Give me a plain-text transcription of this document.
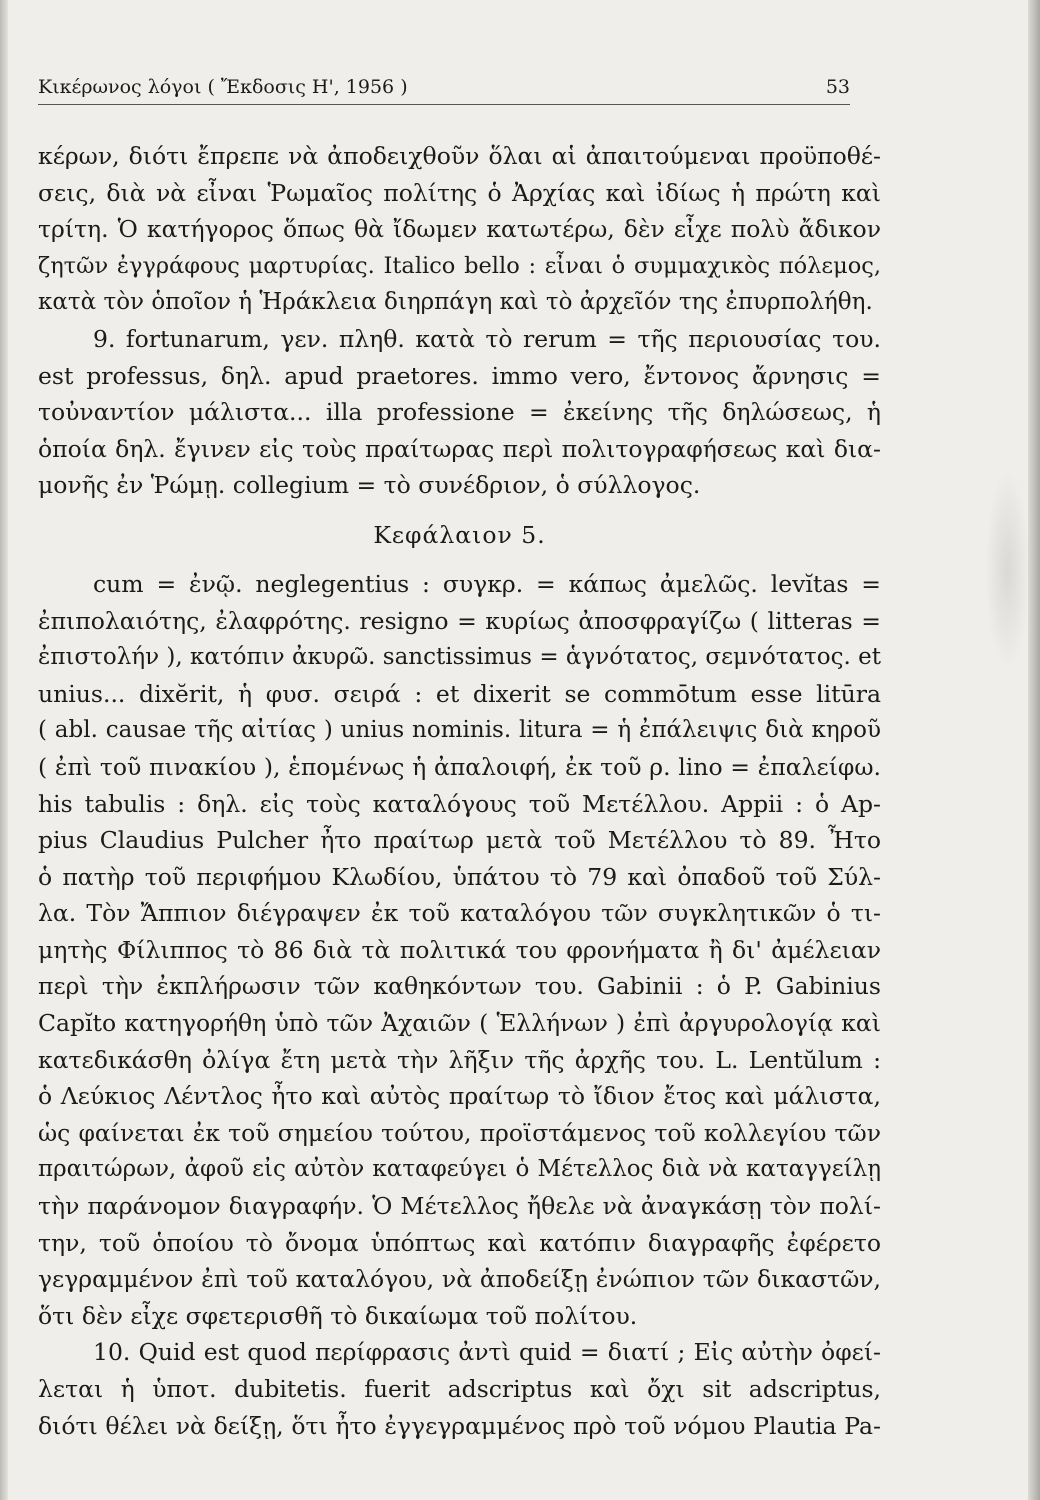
Κικέρωνος λόγοι ( Ἔκδοσις Η', 1956 )	53
κέρων, διότι ἔπρεπε νὰ ἀποδειχθοῦν ὅλαι αἱ ἀπαιτούμεναι προϋποθέ-
σεις, διὰ νὰ εἶναι Ῥωμαῖος πολίτης ὁ Ἀρχίας καὶ ἰδίως ἡ πρώτη καὶ
τρίτη. Ὁ κατήγορος ὅπως θὰ ἴδωμεν κατωτέρω, δὲν εἶχε πολὺ ἄδικον
ζητῶν ἐγγράφους μαρτυρίας. Italico bello : εἶναι ὁ συμμαχικὸς πόλεμος,
κατὰ τὸν ὁποῖον ἡ Ἡράκλεια διηρπάγη καὶ τὸ ἀρχεῖόν της ἐπυρπολήθη.
9. fortunarum, γεν. πληθ. κατὰ τὸ rerum = τῆς περιουσίας του.
est professus, δηλ. apud praetores. immo vero, ἔντονος ἄρνησις =
τοὐναντίον μάλιστα... illa professione = ἐκείνης τῆς δηλώσεως, ἡ
ὁποία δηλ. ἔγινεν εἰς τοὺς πραίτωρας περὶ πολιτογραφήσεως καὶ δια-
μονῆς ἐν Ῥώμῃ. collegium = τὸ συνέδριον, ὁ σύλλογος.
Κεφάλαιον 5.
cum = ἐνῷ. neglegentius : συγκρ. = κάπως ἀμελῶς. levĭtas =
ἐπιπολαιότης, ἐλαφρότης. resigno = κυρίως ἀποσφραγίζω ( litteras =
ἐπιστολήν ), κατόπιν ἀκυρῶ. sanctissimus = ἁγνότατος, σεμνότατος. et
unius... dixĕrit, ἡ φυσ. σειρά : et dixerit se commōtum esse litūra
( abl. causae τῆς αἰτίας ) unius nominis. litura = ἡ ἐπάλειψις διὰ κηροῦ
( ἐπὶ τοῦ πινακίου ), ἑπομένως ἡ ἀπαλοιφή, ἐκ τοῦ ρ. lino = ἐπαλείφω.
his tabulis : δηλ. εἰς τοὺς καταλόγους τοῦ Μετέλλου. Appii : ὁ Ap-
pius Claudius Pulcher ἦτο πραίτωρ μετὰ τοῦ Μετέλλου τὸ 89. Ἦτο
ὁ πατὴρ τοῦ περιφήμου Κλωδίου, ὑπάτου τὸ 79 καὶ ὀπαδοῦ τοῦ Σύλ-
λα. Τὸν Ἄππιον διέγραψεν ἐκ τοῦ καταλόγου τῶν συγκλητικῶν ὁ τι-
μητὴς Φίλιππος τὸ 86 διὰ τὰ πολιτικά του φρονήματα ἢ δι' ἀμέλειαν
περὶ τὴν ἐκπλήρωσιν τῶν καθηκόντων του. Gabinii : ὁ P. Gabinius
Capĭto κατηγορήθη ὑπὸ τῶν Ἀχαιῶν ( Ἑλλήνων ) ἐπὶ ἀργυρολογίᾳ καὶ
κατεδικάσθη ὀλίγα ἔτη μετὰ τὴν λῆξιν τῆς ἀρχῆς του. L. Lentŭlum :
ὁ Λεύκιος Λέντλος ἦτο καὶ αὐτὸς πραίτωρ τὸ ἴδιον ἔτος καὶ μάλιστα,
ὡς φαίνεται ἐκ τοῦ σημείου τούτου, προϊστάμενος τοῦ κολλεγίου τῶν
πραιτώρων, ἀφοῦ εἰς αὐτὸν καταφεύγει ὁ Μέτελλος διὰ νὰ καταγγείλῃ
τὴν παράνομον διαγραφήν. Ὁ Μέτελλος ἤθελε νὰ ἀναγκάσῃ τὸν πολί-
την, τοῦ ὁποίου τὸ ὄνομα ὑπόπτως καὶ κατόπιν διαγραφῆς ἐφέρετο
γεγραμμένον ἐπὶ τοῦ καταλόγου, νὰ ἀποδείξῃ ἐνώπιον τῶν δικαστῶν,
ὅτι δὲν εἶχε σφετερισθῆ τὸ δικαίωμα τοῦ πολίτου.
10. Quid est quod περίφρασις ἀντὶ quid = διατί ; Εἰς αὐτὴν ὀφεί-
λεται ἡ ὑποτ. dubitetis. fuerit adscriptus καὶ ὄχι sit adscriptus,
διότι θέλει νὰ δείξῃ, ὅτι ἦτο ἐγγεγραμμένος πρὸ τοῦ νόμου Plautia Pa-
